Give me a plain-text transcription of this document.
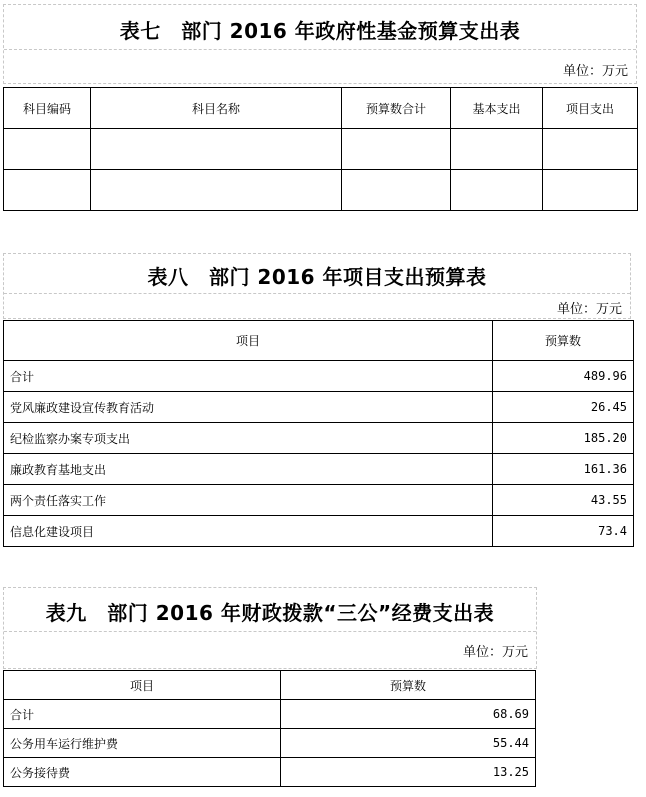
表七　部门 2016 年政府性基金预算支出表
单位：万元
科目编码	科目名称	预算数合计	基本支出	项目支出

表八　部门 2016 年项目支出预算表
单位：万元
项目	预算数
合计	489.96
党风廉政建设宣传教育活动	26.45
纪检监察办案专项支出	185.20
廉政教育基地支出	161.36
两个责任落实工作	43.55
信息化建设项目	73.4
表九　部门 2016 年财政拨款“三公”经费支出表
单位：万元
项目	预算数
合计	68.69
公务用车运行维护费	55.44
公务接待费	13.25
